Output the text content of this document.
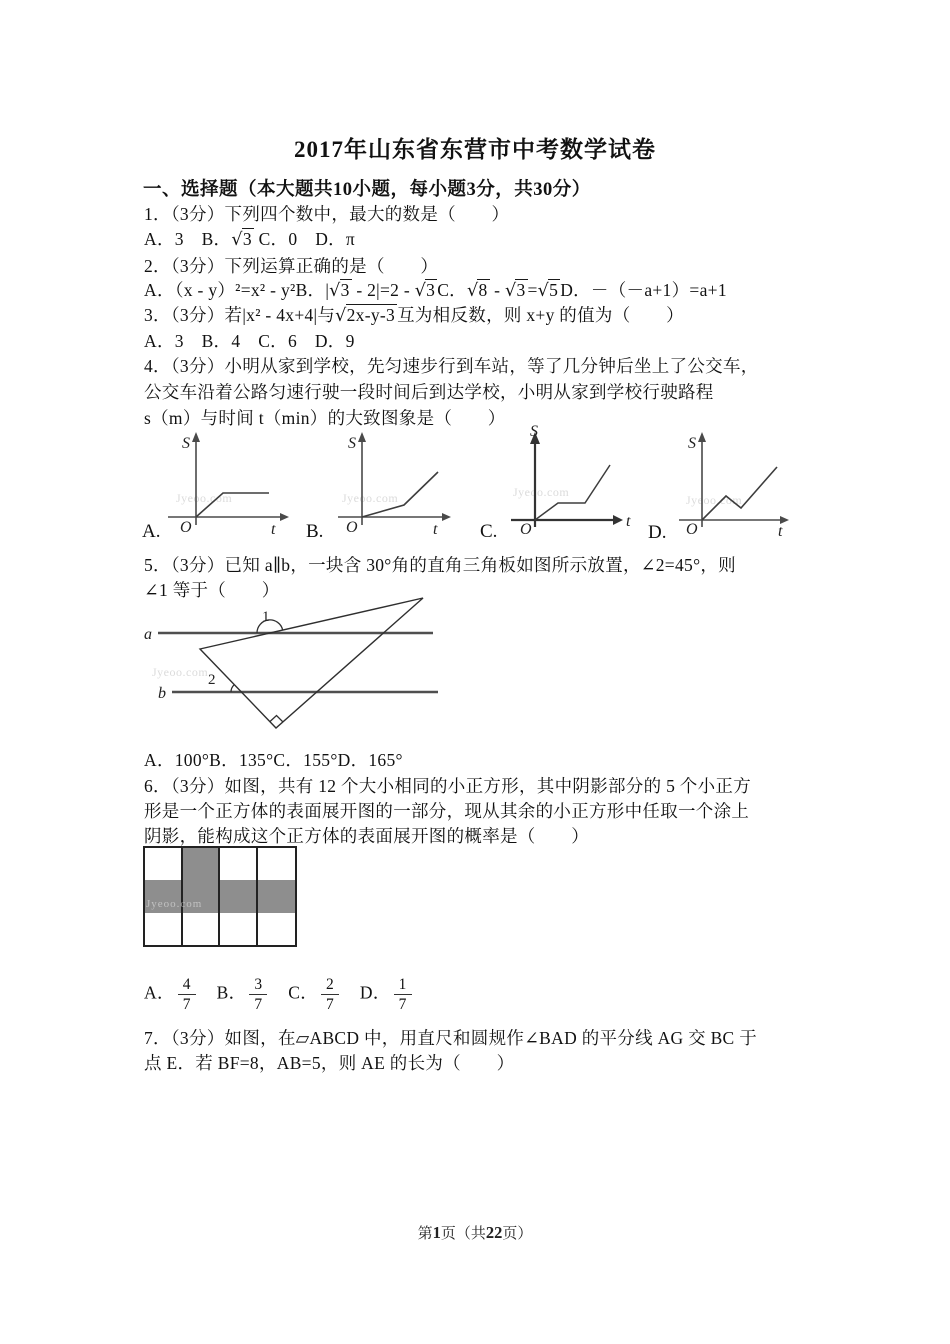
2017年山东省东营市中考数学试卷
一、选择题（本大题共10小题，每小题3分，共30分）
1．（3分）下列四个数中，最大的数是（　　）
A．3　B．√3 C．0　D．π
2．（3分）下列运算正确的是（　　）
A．（x - y）²=x² - y²B．|√3 - 2|=2 - √3 C．√8 - √3 =√5 D．－（－a+1）=a+1
3．（3分）若|x² - 4x+4|与√2x-y-3 互为相反数，则 x+y 的值为（　　）
A．3　B．4　C．6　D．9
4．（3分）小明从家到学校，先匀速步行到车站，等了几分钟后坐上了公交车，
公交车沿着公路匀速行驶一段时间后到达学校，小明从家到学校行驶路程
s（m）与时间 t（min）的大致图象是（　　）
Jyeoo.com
S
t
O
A.
Jyeoo.com
S
t
O
B.
Jyeoo.com
S
t
O
C.
Jyeoo.com
S
t
O
D.
5．（3分）已知 a∥b，一块含 30°角的直角三角板如图所示放置，∠2=45°，则
∠1 等于（　　）
Jyeoo.com
a
b
1
2
A．100°B．135°C．155°D．165°
6．（3分）如图，共有 12 个大小相同的小正方形，其中阴影部分的 5 个小正方
形是一个正方体的表面展开图的一部分，现从其余的小正方形中任取一个涂上
阴影，能构成这个正方体的表面展开图的概率是（　　）
Jyeoo.com
A． $\frac{4}{7}$ 　B． $\frac{3}{7}$ 　C． $\frac{2}{7}$ 　D． $\frac{1}{7}$
7．（3分）如图，在▱ABCD 中，用直尺和圆规作∠BAD 的平分线 AG 交 BC 于
点 E．若 BF=8，AB=5，则 AE 的长为（　　）
第1页（共22页）
